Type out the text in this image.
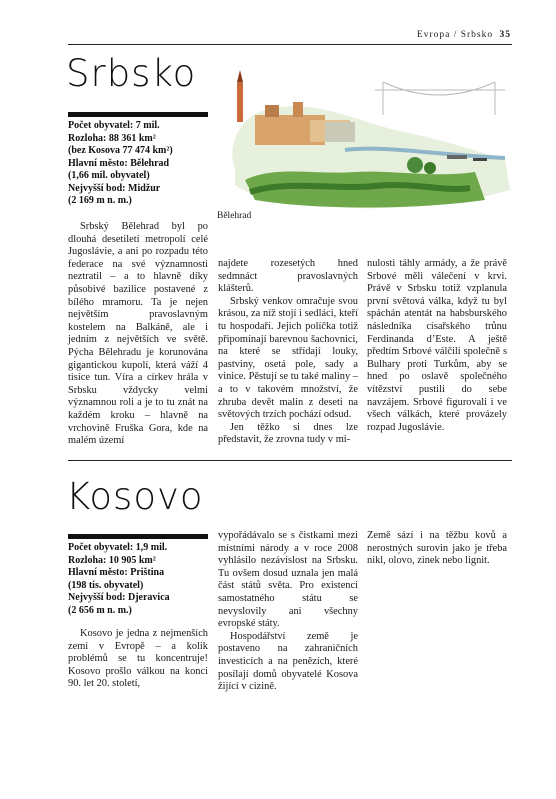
Evropa / Srbsko 35
Srbsko
Počet obyvatel: 7 mil.
Rozloha: 88 361 km²
(bez Kosova 77 474 km²)
Hlavní město: Bělehrad
(1,66 mil. obyvatel)
Nejvyšší bod: Midžur
(2 169 m n. m.)
Bělehrad

Srbský Bělehrad byl po dlouhá desetiletí metropolí celé Jugoslávie, a ani po rozpadu této federace na své významnosti neztratil – a to hlavně díky působivé bazilice postavené z bílého mramoru. Ta je nejen největším pravoslavným kostelem na Balkáně, ale i jedním z největších ve světě. Pýcha Bělehradu je korunována gigantickou kupolí, která váží 4 tisíce tun. Víra a církev hrála v Srbsku vždycky velmi významnou roli a je to tu znát na každém kroku – hlavně na vrchovině Fruška Gora, kde na malém území

najdete rozesetých hned sedmnáct pravoslavných klášterů.

Srbský venkov omračuje svou krásou, za níž stojí i sedláci, kteří tu hospodaří. Jejich políčka totiž připomínají barevnou šachovnici, na které se střídají louky, pastviny, osetá pole, sady a vinice. Pěstují se tu také maliny – a to v takovém množství, že zhruba devět malin z deseti na světových trzích pochází odsud.

Jen těžko si dnes lze představit, že zrovna tudy v mi-

nulosti táhly armády, a že právě Srbové měli válečení v krvi. Právě v Srbsku totiž vzplanula první světová válka, když tu byl spáchán atentát na habsburského následníka císařského trůnu Ferdinanda d’Este. A ještě předtím Srbové válčili společně s Bulhary proti Turkům, aby se hned po oslavě společného vítězství pustili do sebe navzájem. Srbové figurovali i ve všech válkách, které provázely rozpad Jugoslávie.

Kosovo
Počet obyvatel: 1,9 mil.
Rozloha: 10 905 km²
Hlavní město: Priština
(198 tis. obyvatel)
Nejvyšší bod: Djeravica
(2 656 m n. m.)

Kosovo je jedna z nejmenších zemí v Evropě – a kolik problémů se tu koncentruje! Kosovo prošlo válkou na konci 90. let 20. století,

vypořádávalo se s čistkami mezi místními národy a v roce 2008 vyhlásilo nezávislost na Srbsku. Tu ovšem dosud uznala jen malá část států světa. Pro existenci samostatného státu se nevyslovily ani všechny evropské státy.

Hospodářství země je postaveno na zahraničních investicích a na penězích, které posílají domů obyvatelé Kosova žijící v cizině.

Země sází i na těžbu kovů a nerostných surovin jako je třeba nikl, olovo, zinek nebo lignit.
